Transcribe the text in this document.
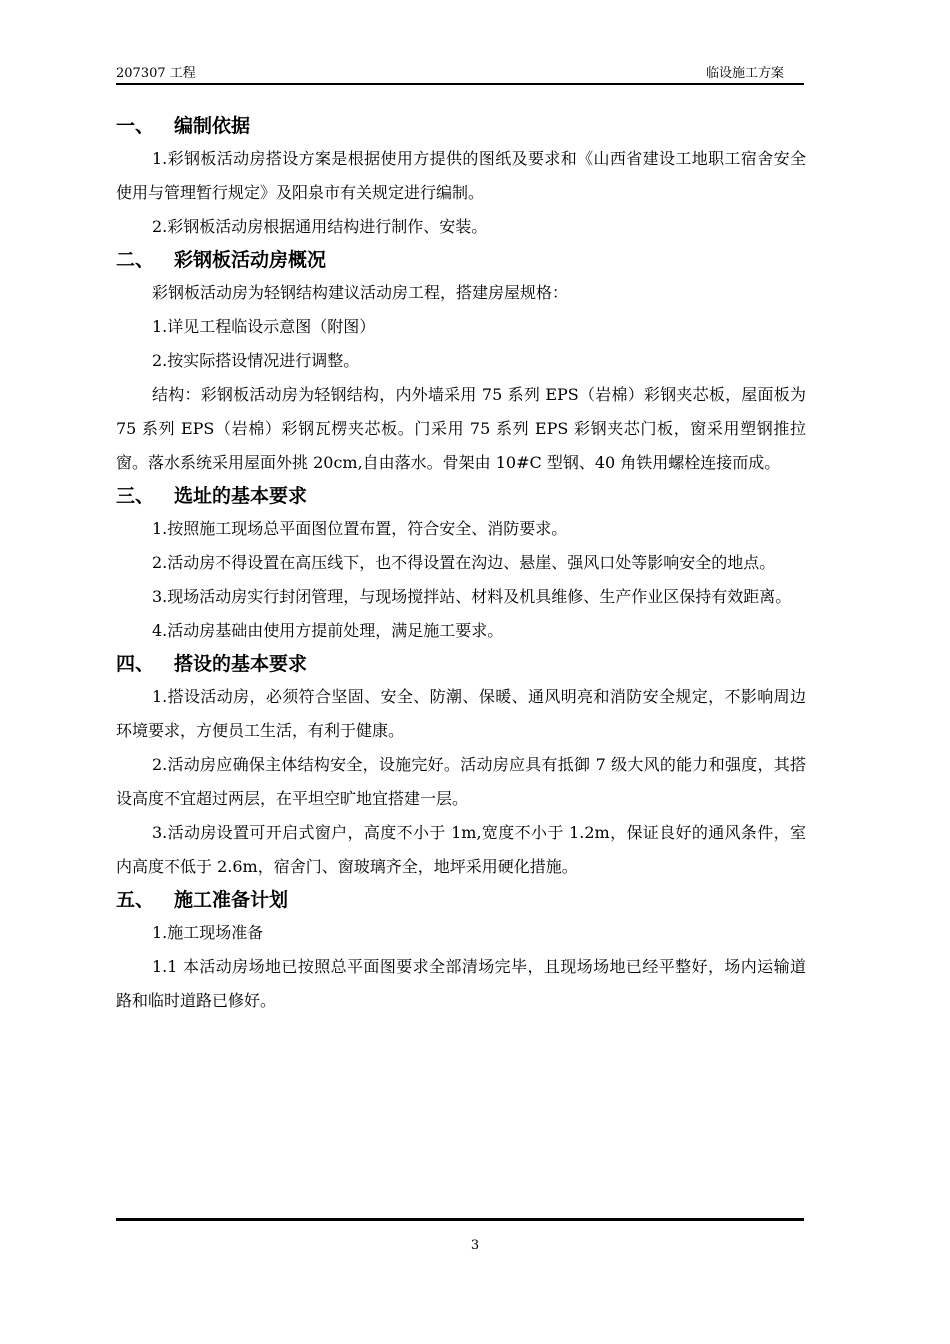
207307 工程	临设施工方案
一、 编制依据
1.彩钢板活动房搭设方案是根据使用方提供的图纸及要求和《山西省建设工地职工宿舍安全使用与管理暂行规定》及阳泉市有关规定进行编制。
2.彩钢板活动房根据通用结构进行制作、安装。
二、 彩钢板活动房概况
彩钢板活动房为轻钢结构建议活动房工程，搭建房屋规格：
1.详见工程临设示意图（附图）
2.按实际搭设情况进行调整。
结构：彩钢板活动房为轻钢结构，内外墙采用 75 系列 EPS（岩棉）彩钢夹芯板，屋面板为 75 系列 EPS（岩棉）彩钢瓦楞夹芯板。门采用 75 系列 EPS 彩钢夹芯门板，窗采用塑钢推拉窗。落水系统采用屋面外挑 20cm,自由落水。骨架由 10#C 型钢、40 角铁用螺栓连接而成。
三、 选址的基本要求
1.按照施工现场总平面图位置布置，符合安全、消防要求。
2.活动房不得设置在高压线下，也不得设置在沟边、悬崖、强风口处等影响安全的地点。
3.现场活动房实行封闭管理，与现场搅拌站、材料及机具维修、生产作业区保持有效距离。
4.活动房基础由使用方提前处理，满足施工要求。
四、 搭设的基本要求
1.搭设活动房，必须符合坚固、安全、防潮、保暖、通风明亮和消防安全规定，不影响周边环境要求，方便员工生活，有利于健康。
2.活动房应确保主体结构安全，设施完好。活动房应具有抵御 7 级大风的能力和强度，其搭设高度不宜超过两层，在平坦空旷地宜搭建一层。
3.活动房设置可开启式窗户，高度不小于 1m,宽度不小于 1.2m，保证良好的通风条件，室内高度不低于 2.6m，宿舍门、窗玻璃齐全，地坪采用硬化措施。
五、 施工准备计划
1.施工现场准备
1.1 本活动房场地已按照总平面图要求全部清场完毕，且现场场地已经平整好，场内运输道路和临时道路已修好。
3
